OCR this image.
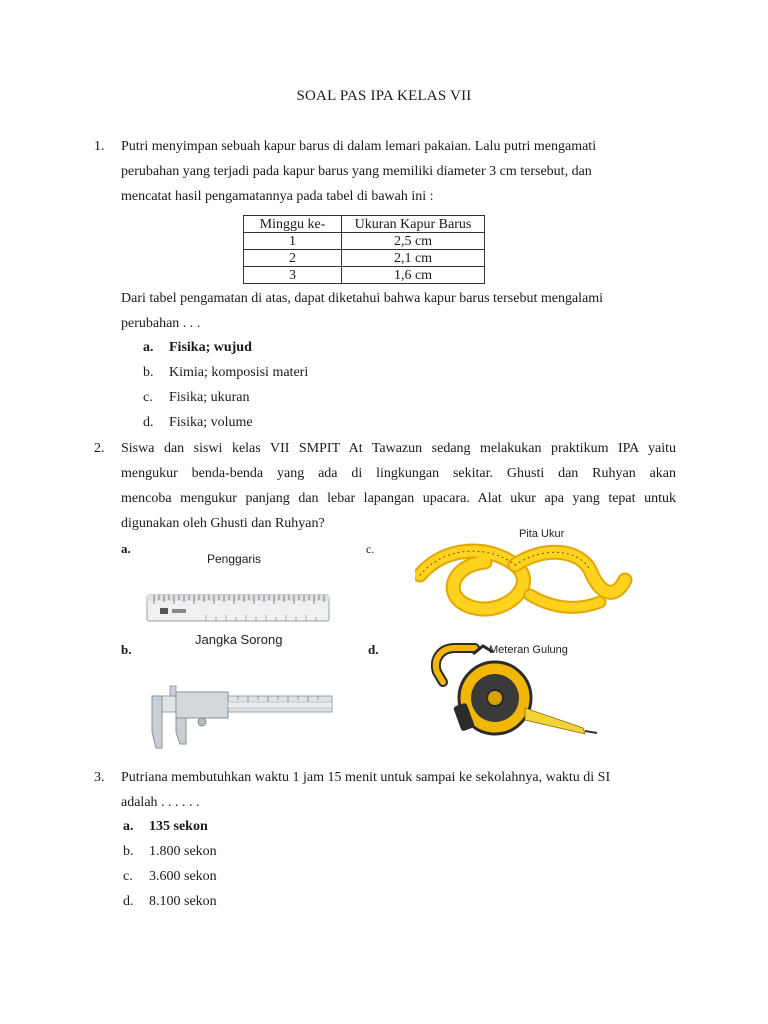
SOAL PAS IPA KELAS VII
1. Putri menyimpan sebuah kapur barus di dalam lemari pakaian. Lalu putri mengamati
perubahan yang terjadi pada kapur barus yang memiliki diameter 3 cm tersebut, dan
mencatat hasil pengamatannya pada tabel di bawah ini :
Minggu ke-	Ukuran Kapur Barus
1	2,5 cm
2	2,1 cm
3	1,6 cm
Dari tabel pengamatan di atas, dapat diketahui bahwa kapur barus tersebut mengalami
perubahan . . .
a. Fisika; wujud
b. Kimia; komposisi materi
c. Fisika; ukuran
d. Fisika; volume
2. Siswa dan siswi kelas VII SMPIT At Tawazun sedang melakukan praktikum IPA yaitu
mengukur benda-benda yang ada di lingkungan sekitar. Ghusti dan Ruhyan akan
mencoba mengukur panjang dan lebar lapangan upacara. Alat ukur apa yang tepat untuk
digunakan oleh Ghusti dan Ruhyan?
a.
Penggaris
c.
Pita Ukur
b.
Jangka Sorong
d.	Meteran Gulung
3. Putriana membutuhkan waktu 1 jam 15 menit untuk sampai ke sekolahnya, waktu di SI
adalah . . . . . .
a. 135 sekon
b. 1.800 sekon
c. 3.600 sekon
d. 8.100 sekon
